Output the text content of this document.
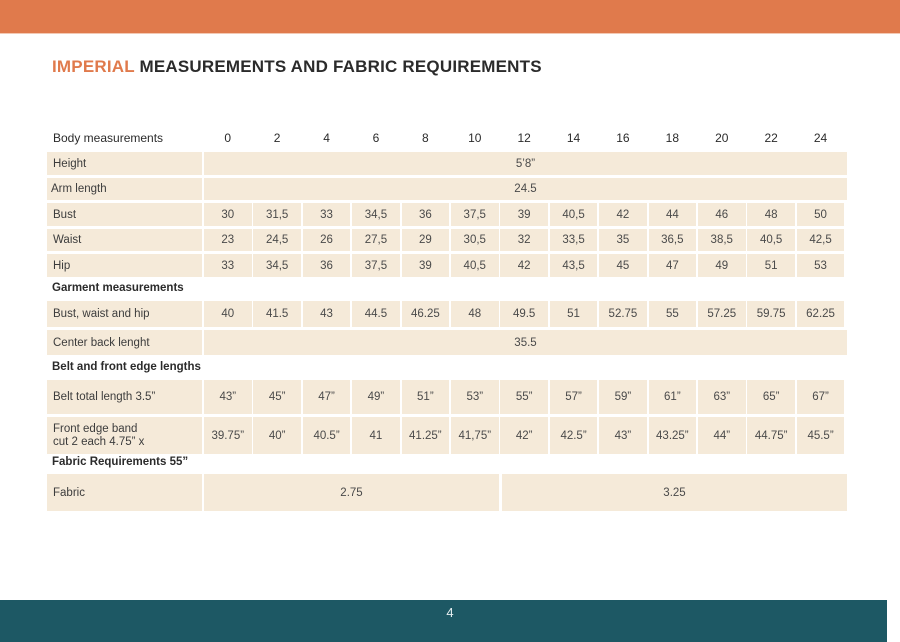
IMPERIAL MEASUREMENTS AND FABRIC REQUIREMENTS
Body measurements	0	2	4	6	8	10	12	14	16	18	20	22	24
Height	5’8”
Arm length	24.5
Bust	30	31,5	33	34,5	36	37,5	39	40,5	42	44	46	48	50
Waist	23	24,5	26	27,5	29	30,5	32	33,5	35	36,5	38,5	40,5	42,5
Hip	33	34,5	36	37,5	39	40,5	42	43,5	45	47	49	51	53
Garment measurements
Bust, waist and hip	40	41.5	43	44.5	46.25	48	49.5	51	52.75	55	57.25	59.75	62.25
Center back lenght	35.5
Belt and front edge lengths
Belt total length 3.5”	43”	45”	47”	49”	51”	53”	55”	57”	59”	61”	63”	65”	67”
Front edge band
cut 2 each 4.75” x	39.75”	40”	40.5”	41	41.25”	41,75”	42”	42.5”	43”	43.25”	44”	44.75”	45.5”
Fabric Requirements 55”
Fabric	2.75	3.25
4
